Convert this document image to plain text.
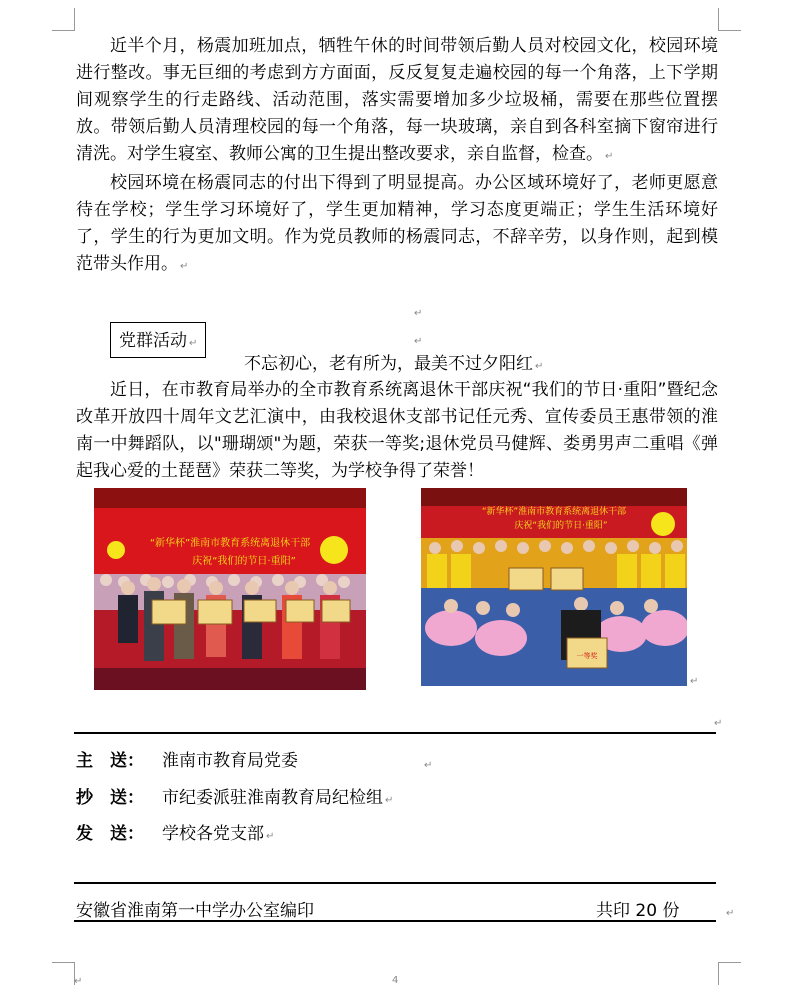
近半个月，杨震加班加点，牺牲午休的时间带领后勤人员对校园文化，校园环境进行整改。事无巨细的考虑到方方面面，反反复复走遍校园的每一个角落，上下学期间观察学生的行走路线、活动范围，落实需要增加多少垃圾桶，需要在那些位置摆放。带领后勤人员清理校园的每一个角落，每一块玻璃，亲自到各科室摘下窗帘进行清洗。对学生寝室、教师公寓的卫生提出整改要求，亲自监督，检查。 ↵

校园环境在杨震同志的付出下得到了明显提高。办公区域环境好了，老师更愿意待在学校；学生学习环境好了，学生更加精神，学习态度更端正；学生生活环境好了，学生的行为更加文明。作为党员教师的杨震同志，不辞辛劳，以身作则，起到模范带头作用。 ↵

↵
↵
党群活动 ↵
不忘初心，老有所为，最美不过夕阳红 ↵

近日，在市教育局举办的全市教育系统离退休干部庆祝“我们的节日·重阳”暨纪念改革开放四十周年文艺汇演中，由我校退休支部书记任元秀、宣传委员王惠带领的淮南一中舞蹈队，以"珊瑚颂"为题，荣获一等奖;退休党员马健辉、娄勇男声二重唱《弹起我心爱的土琵琶》荣获二等奖，为学校争得了荣誉！

“新华杯”淮南市教育系统离退休干部
庆祝“我们的节日·重阳”
“新华杯”淮南市教育系统离退休干部
庆祝“我们的节日·重阳”
一等奖
↵
↵
主　送： 淮南市教育局党委	↵
抄　送： 市纪委派驻淮南教育局纪检组 ↵
发　送： 学校各党支部 ↵
安徽省淮南第一中学办公室编印	共印 20 份	↵
↵	4
